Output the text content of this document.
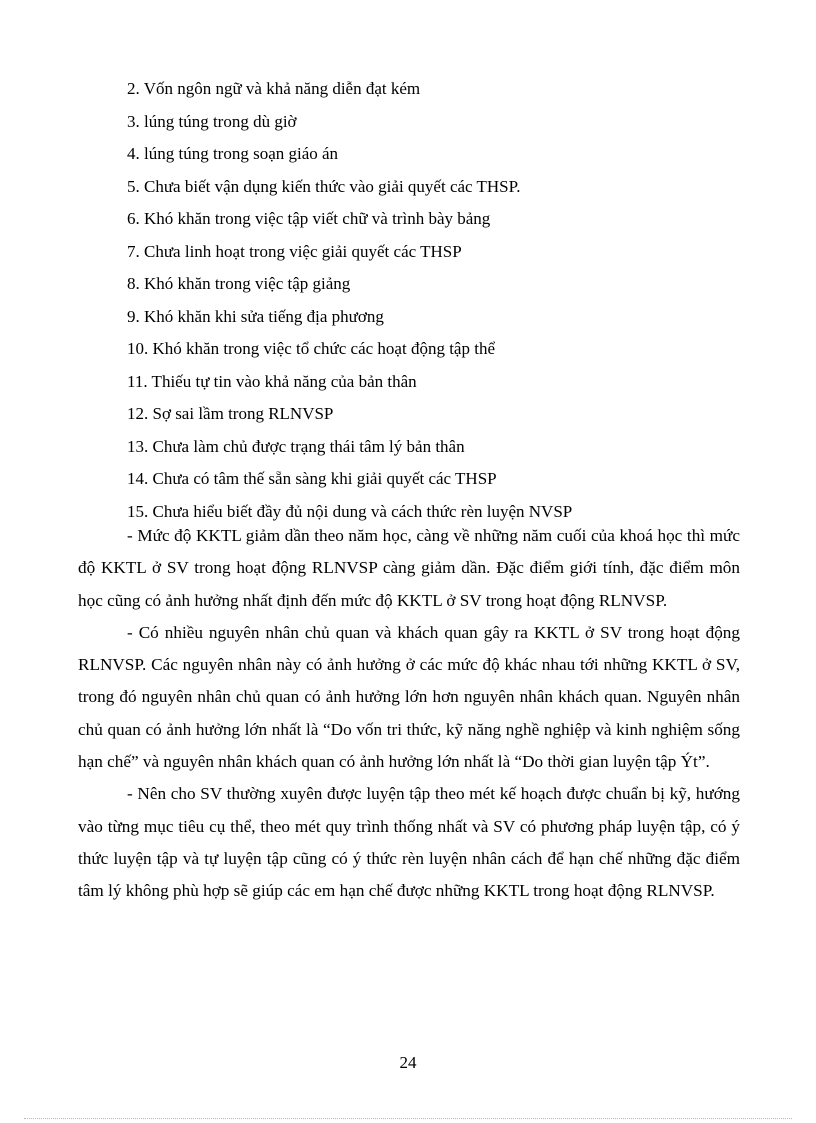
2. Vốn ngôn ngữ và khả năng diễn đạt kém
3. lúng túng trong dù giờ
4. lúng túng trong soạn giáo án
5. Chưa biết vận dụng kiến thức vào giải quyết các THSP.
6. Khó khăn trong việc tập viết chữ và trình bày bảng
7. Chưa linh hoạt trong việc giải quyết các THSP
8. Khó khăn trong việc tập giảng
9. Khó khăn khi sửa tiếng địa phương
10. Khó khăn trong việc tổ chức các hoạt động tập thể
11. Thiếu tự tin vào khả năng của bản thân
12. Sợ sai lầm trong RLNVSP
13. Chưa làm chủ được trạng thái tâm lý bản thân
14. Chưa có tâm thế sẵn sàng khi giải quyết các THSP
15. Chưa hiểu biết đầy đủ nội dung và cách thức rèn luyện NVSP

- Mức độ KKTL giảm dần theo năm học, càng về những năm cuối của khoá học thì mức độ KKTL ở SV trong hoạt động RLNVSP càng giảm dần. Đặc điểm giới tính, đặc điểm môn học cũng có ảnh hưởng nhất định đến mức độ KKTL ở SV trong hoạt động RLNVSP.

- Có nhiều nguyên nhân chủ quan và khách quan gây ra KKTL ở SV trong hoạt động RLNVSP. Các nguyên nhân này có ảnh hưởng ở các mức độ khác nhau tới những KKTL ở SV, trong đó nguyên nhân chủ quan có ảnh hưởng lớn hơn nguyên nhân khách quan. Nguyên nhân chủ quan có ảnh hưởng lớn nhất là “Do vốn tri thức, kỹ năng nghề nghiệp và kinh nghiệm sống hạn chế” và nguyên nhân khách quan có ảnh hưởng lớn nhất là “Do thời gian luyện tập Ýt”.

- Nên cho SV thường xuyên được luyện tập theo mét kế hoạch được chuẩn bị kỹ, hướng vào từng mục tiêu cụ thể, theo mét quy trình thống nhất và SV có phương pháp luyện tập, có ý thức luyện tập và tự luyện tập cũng có ý thức rèn luyện nhân cách để hạn chế những đặc điểm tâm lý không phù hợp sẽ giúp các em hạn chế được những KKTL trong hoạt động RLNVSP.

24
